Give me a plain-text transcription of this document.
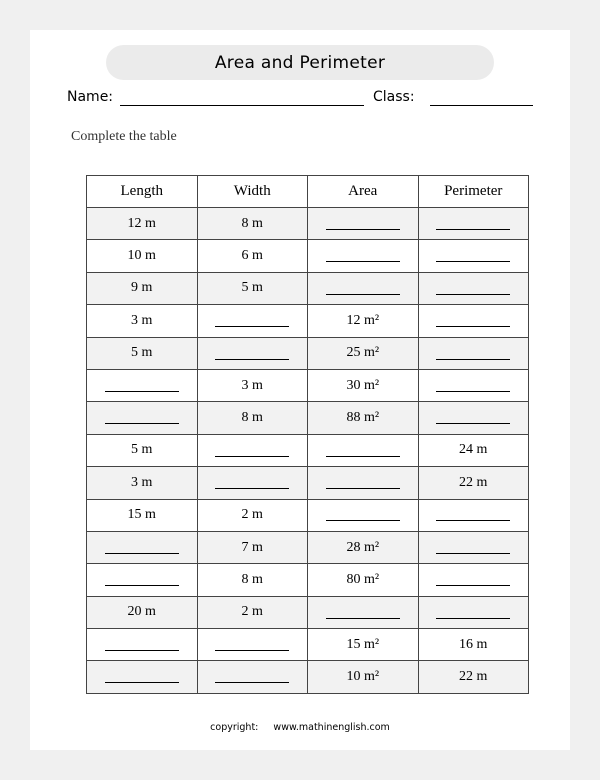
Area and Perimeter
Name:	Class:
Complete the table
Length	Width	Area	Perimeter
12 m	8 m		
10 m	6 m		
9 m	5 m		
3 m		12 m²	
5 m		25 m²	
	3 m	30 m²	
	8 m	88 m²	
5 m			24 m
3 m			22 m
15 m	2 m		
	7 m	28 m²	
	8 m	80 m²	
20 m	2 m		
		15 m²	16 m
		10 m²	22 m
copyright: www.mathinenglish.com
